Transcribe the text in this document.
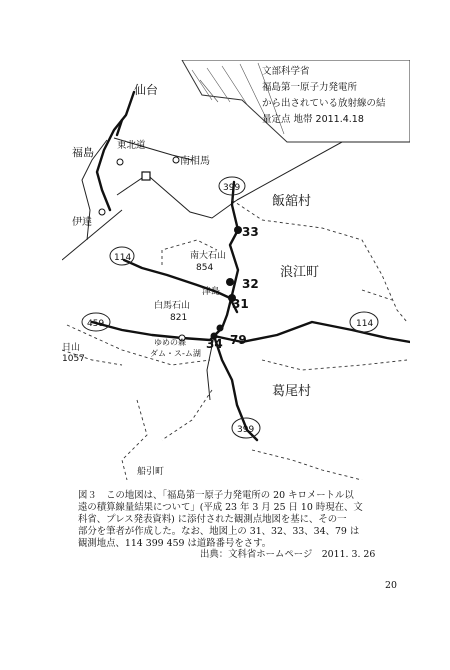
文部科学省
福島第一原子力発電所
から出されている放射線の結
量定点 地帯 2011.4.18
399
114
459	114
399
33
32
31
34 79
仙台
福島
東北道
南相馬
伊達
飯舘村
浪江町
葛尾村
津島
日山
1057
南大石山
854
白馬石山
821
ゆめの森
ダム・ス-ム湖
船引町

図３　この地図は、「福島第一原子力発電所の 20 キロメートル以

遠の積算線量結果について」(平成 23 年 3 月 25 日 10 時現在、文

科省、プレス発表資料) に添付された観測点地図を基に、その一

部分を筆者が作成した。なお、地図上の 31、32、33、34、79 は

観測地点、114 399 459 は道路番号をさす。

出典：文科省ホームページ　2011. 3. 26
20
